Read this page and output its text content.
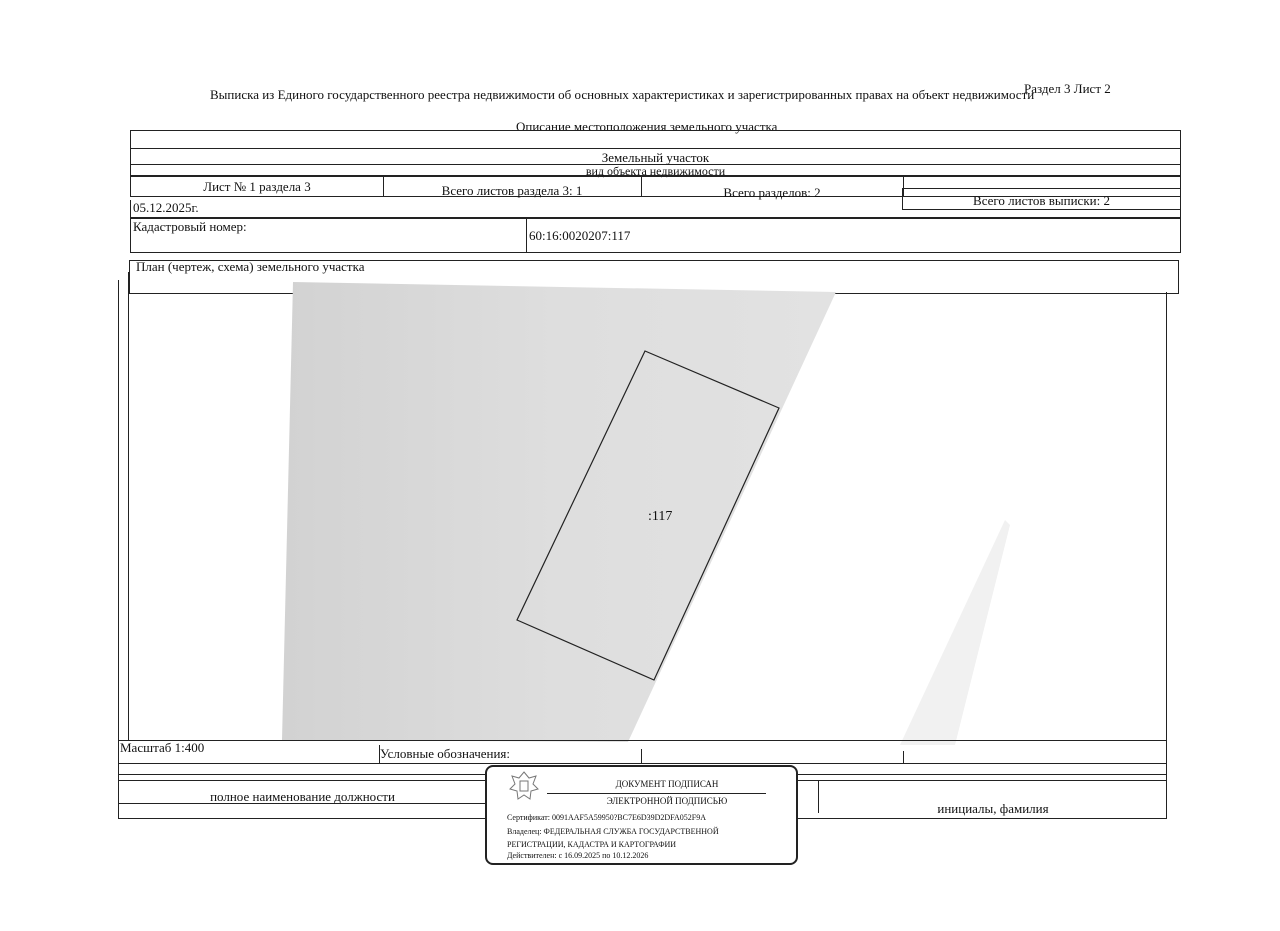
Раздел 3 Лист 2
Выписка из Единого государственного реестра недвижимости об основных характеристиках и зарегистрированных правах на объект недвижимости
Описание местоположения земельного участка
Земельный участок
вид объекта недвижимости
Лист № 1 раздела 3	Всего листов раздела 3: 1	Всего разделов: 2
Всего листов выписки: 2
05.12.2025г.
Кадастровый номер:
60:16:0020207:117
План (чертеж, схема) земельного участка
:117
Масштаб 1:400	Условные обозначения:
полное наименование должности
инициалы, фамилия
ДОКУМЕНТ ПОДПИСАН
ЭЛЕКТРОННОЙ ПОДПИСЬЮ
Сертификат: 0091AAF5A59950?BC7E6D39D2DFA052F9A
Владелец: ФЕДЕРАЛЬНАЯ СЛУЖБА ГОСУДАРСТВЕННОЙ
РЕГИСТРАЦИИ, КАДАСТРА И КАРТОГРАФИИ
Действителен: с 16.09.2025 по 10.12.2026
